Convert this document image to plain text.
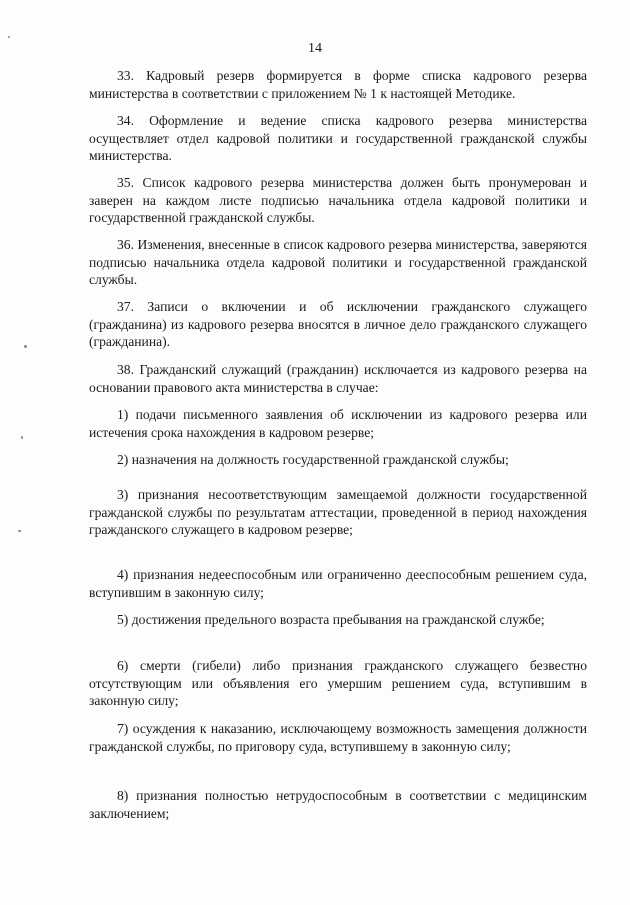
14

33. Кадровый резерв формируется в форме списка кадрового резерва министерства в соответствии с приложением № 1 к настоящей Методике.

34. Оформление и ведение списка кадрового резерва министерства осуществляет отдел кадровой политики и государственной гражданской службы министерства.

35. Список кадрового резерва министерства должен быть пронумерован и заверен на каждом листе подписью начальника отдела кадровой политики и государственной гражданской службы.

36. Изменения, внесенные в список кадрового резерва министерства, заверяются подписью начальника отдела кадровой политики и государственной гражданской службы.

37. Записи о включении и об исключении гражданского служащего (гражданина) из кадрового резерва вносятся в личное дело гражданского служащего (гражданина).

38. Гражданский служащий (гражданин) исключается из кадрового резерва на основании правового акта министерства в случае:

1) подачи письменного заявления об исключении из кадрового резерва или истечения срока нахождения в кадровом резерве;

2) назначения на должность государственной гражданской службы;

3) признания несоответствующим замещаемой должности государственной гражданской службы по результатам аттестации, проведенной в период нахождения гражданского служащего в кадровом резерве;

4) признания недееспособным или ограниченно дееспособным решением суда, вступившим в законную силу;

5) достижения предельного возраста пребывания на гражданской службе;

6) смерти (гибели) либо признания гражданского служащего безвестно отсутствующим или объявления его умершим решением суда, вступившим в законную силу;

7) осуждения к наказанию, исключающему возможность замещения должности гражданской службы, по приговору суда, вступившему в законную силу;

8) признания полностью нетрудоспособным в соответствии с медицинским заключением;
